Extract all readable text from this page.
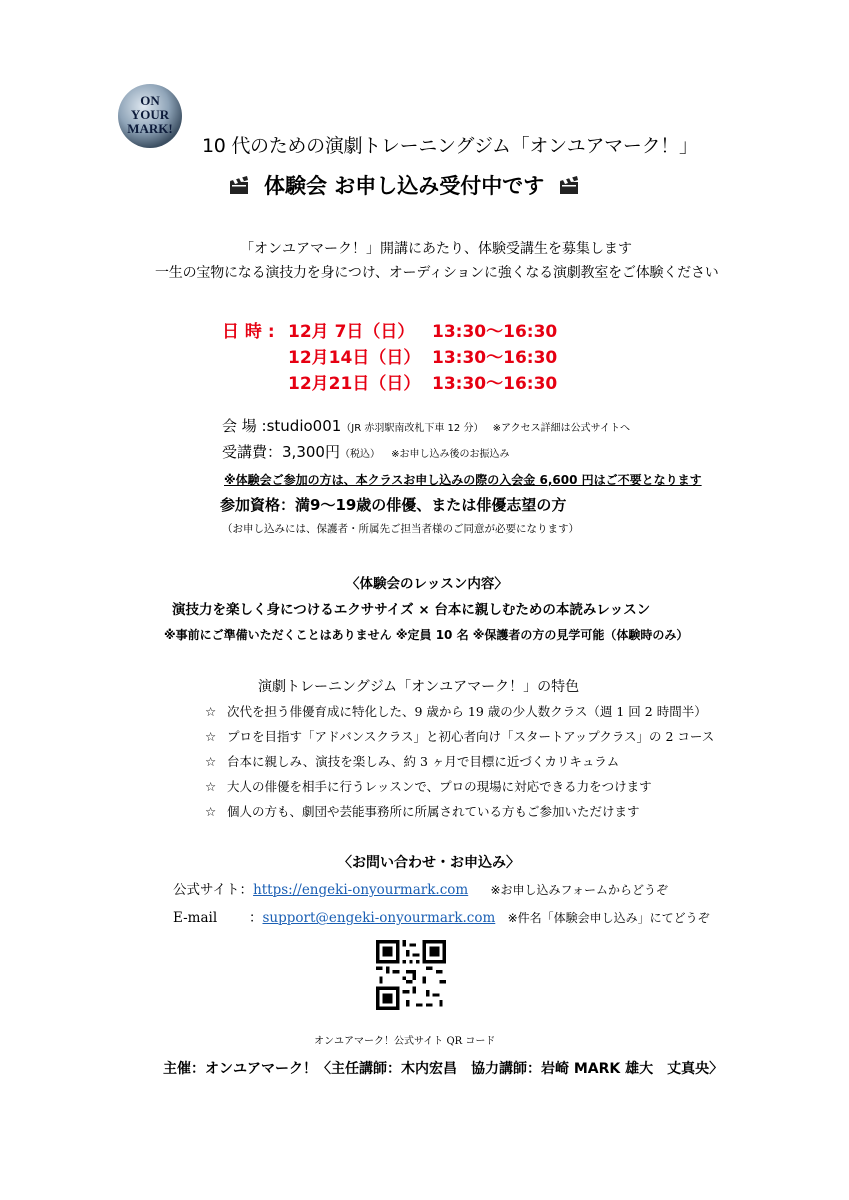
ON
YOUR
MARK!
10 代のための演劇トレーニングジム「オンユアマーク！」
体験会 お申し込み受付中です
「オンユアマーク！」開講にあたり、体験受講生を募集します
一生の宝物になる演技力を身につけ、オーディションに強くなる演劇教室をご体験ください
日 時 : 12月 7日（日）
12月14日（日）
12月21日（日）
13:30～16:30
13:30～16:30
13:30～16:30
会 場 :studio001（JR 赤羽駅南改札下車 12 分） ※アクセス詳細は公式サイトへ
受講費：3,300円（税込） ※お申し込み後のお振込み
※体験会ご参加の方は、本クラスお申し込みの際の入会金 6,600 円はご不要となります
参加資格：満9～19歳の俳優、または俳優志望の方
（お申し込みには、保護者・所属先ご担当者様のご同意が必要になります）
〈体験会のレッスン内容〉
演技力を楽しく身につけるエクササイズ × 台本に親しむための本読みレッスン
※事前にご準備いただくことはありません ※定員 10 名 ※保護者の方の見学可能（体験時のみ）
演劇トレーニングジム「オンユアマーク！」の特色
☆ 次代を担う俳優育成に特化した、9 歳から 19 歳の少人数クラス（週 1 回 2 時間半）
☆ プロを目指す「アドバンスクラス」と初心者向け「スタートアップクラス」の 2 コース
☆ 台本に親しみ、演技を楽しみ、約 3 ヶ月で目標に近づくカリキュラム
☆ 大人の俳優を相手に行うレッスンで、プロの現場に対応できる力をつけます
☆ 個人の方も、劇団や芸能事務所に所属されている方もご参加いただけます
〈お問い合わせ・お申込み〉
公式サイト：https://engeki-onyourmark.com ※お申し込みフォームからどうぞ
E-mail ：support@engeki-onyourmark.com ※件名「体験会申し込み」にてどうぞ
オンユアマーク！公式サイト QR コード
主催：オンユアマーク！〈主任講師：木内宏昌　協力講師：岩崎 MARK 雄大　丈真央〉
